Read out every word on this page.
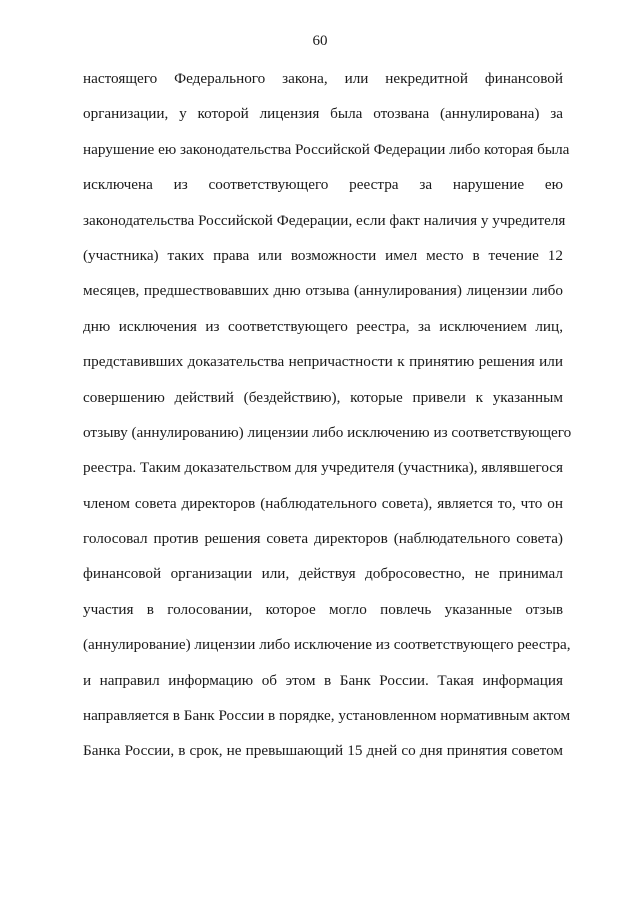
60
настоящего Федерального закона, или некредитной финансовой
организации, у которой лицензия была отозвана (аннулирована) за
нарушение ею законодательства Российской Федерации либо которая была
исключена из соответствующего реестра за нарушение ею
законодательства Российской Федерации, если факт наличия у учредителя
(участника) таких права или возможности имел место в течение 12
месяцев, предшествовавших дню отзыва (аннулирования) лицензии либо
дню исключения из соответствующего реестра, за исключением лиц,
представивших доказательства непричастности к принятию решения или
совершению действий (бездействию), которые привели к указанным
отзыву (аннулированию) лицензии либо исключению из соответствующего
реестра. Таким доказательством для учредителя (участника), являвшегося
членом совета директоров (наблюдательного совета), является то, что он
голосовал против решения совета директоров (наблюдательного совета)
финансовой организации или, действуя добросовестно, не принимал
участия в голосовании, которое могло повлечь указанные отзыв
(аннулирование) лицензии либо исключение из соответствующего реестра,
и направил информацию об этом в Банк России. Такая информация
направляется в Банк России в порядке, установленном нормативным актом
Банка России, в срок, не превышающий 15 дней со дня принятия советом
